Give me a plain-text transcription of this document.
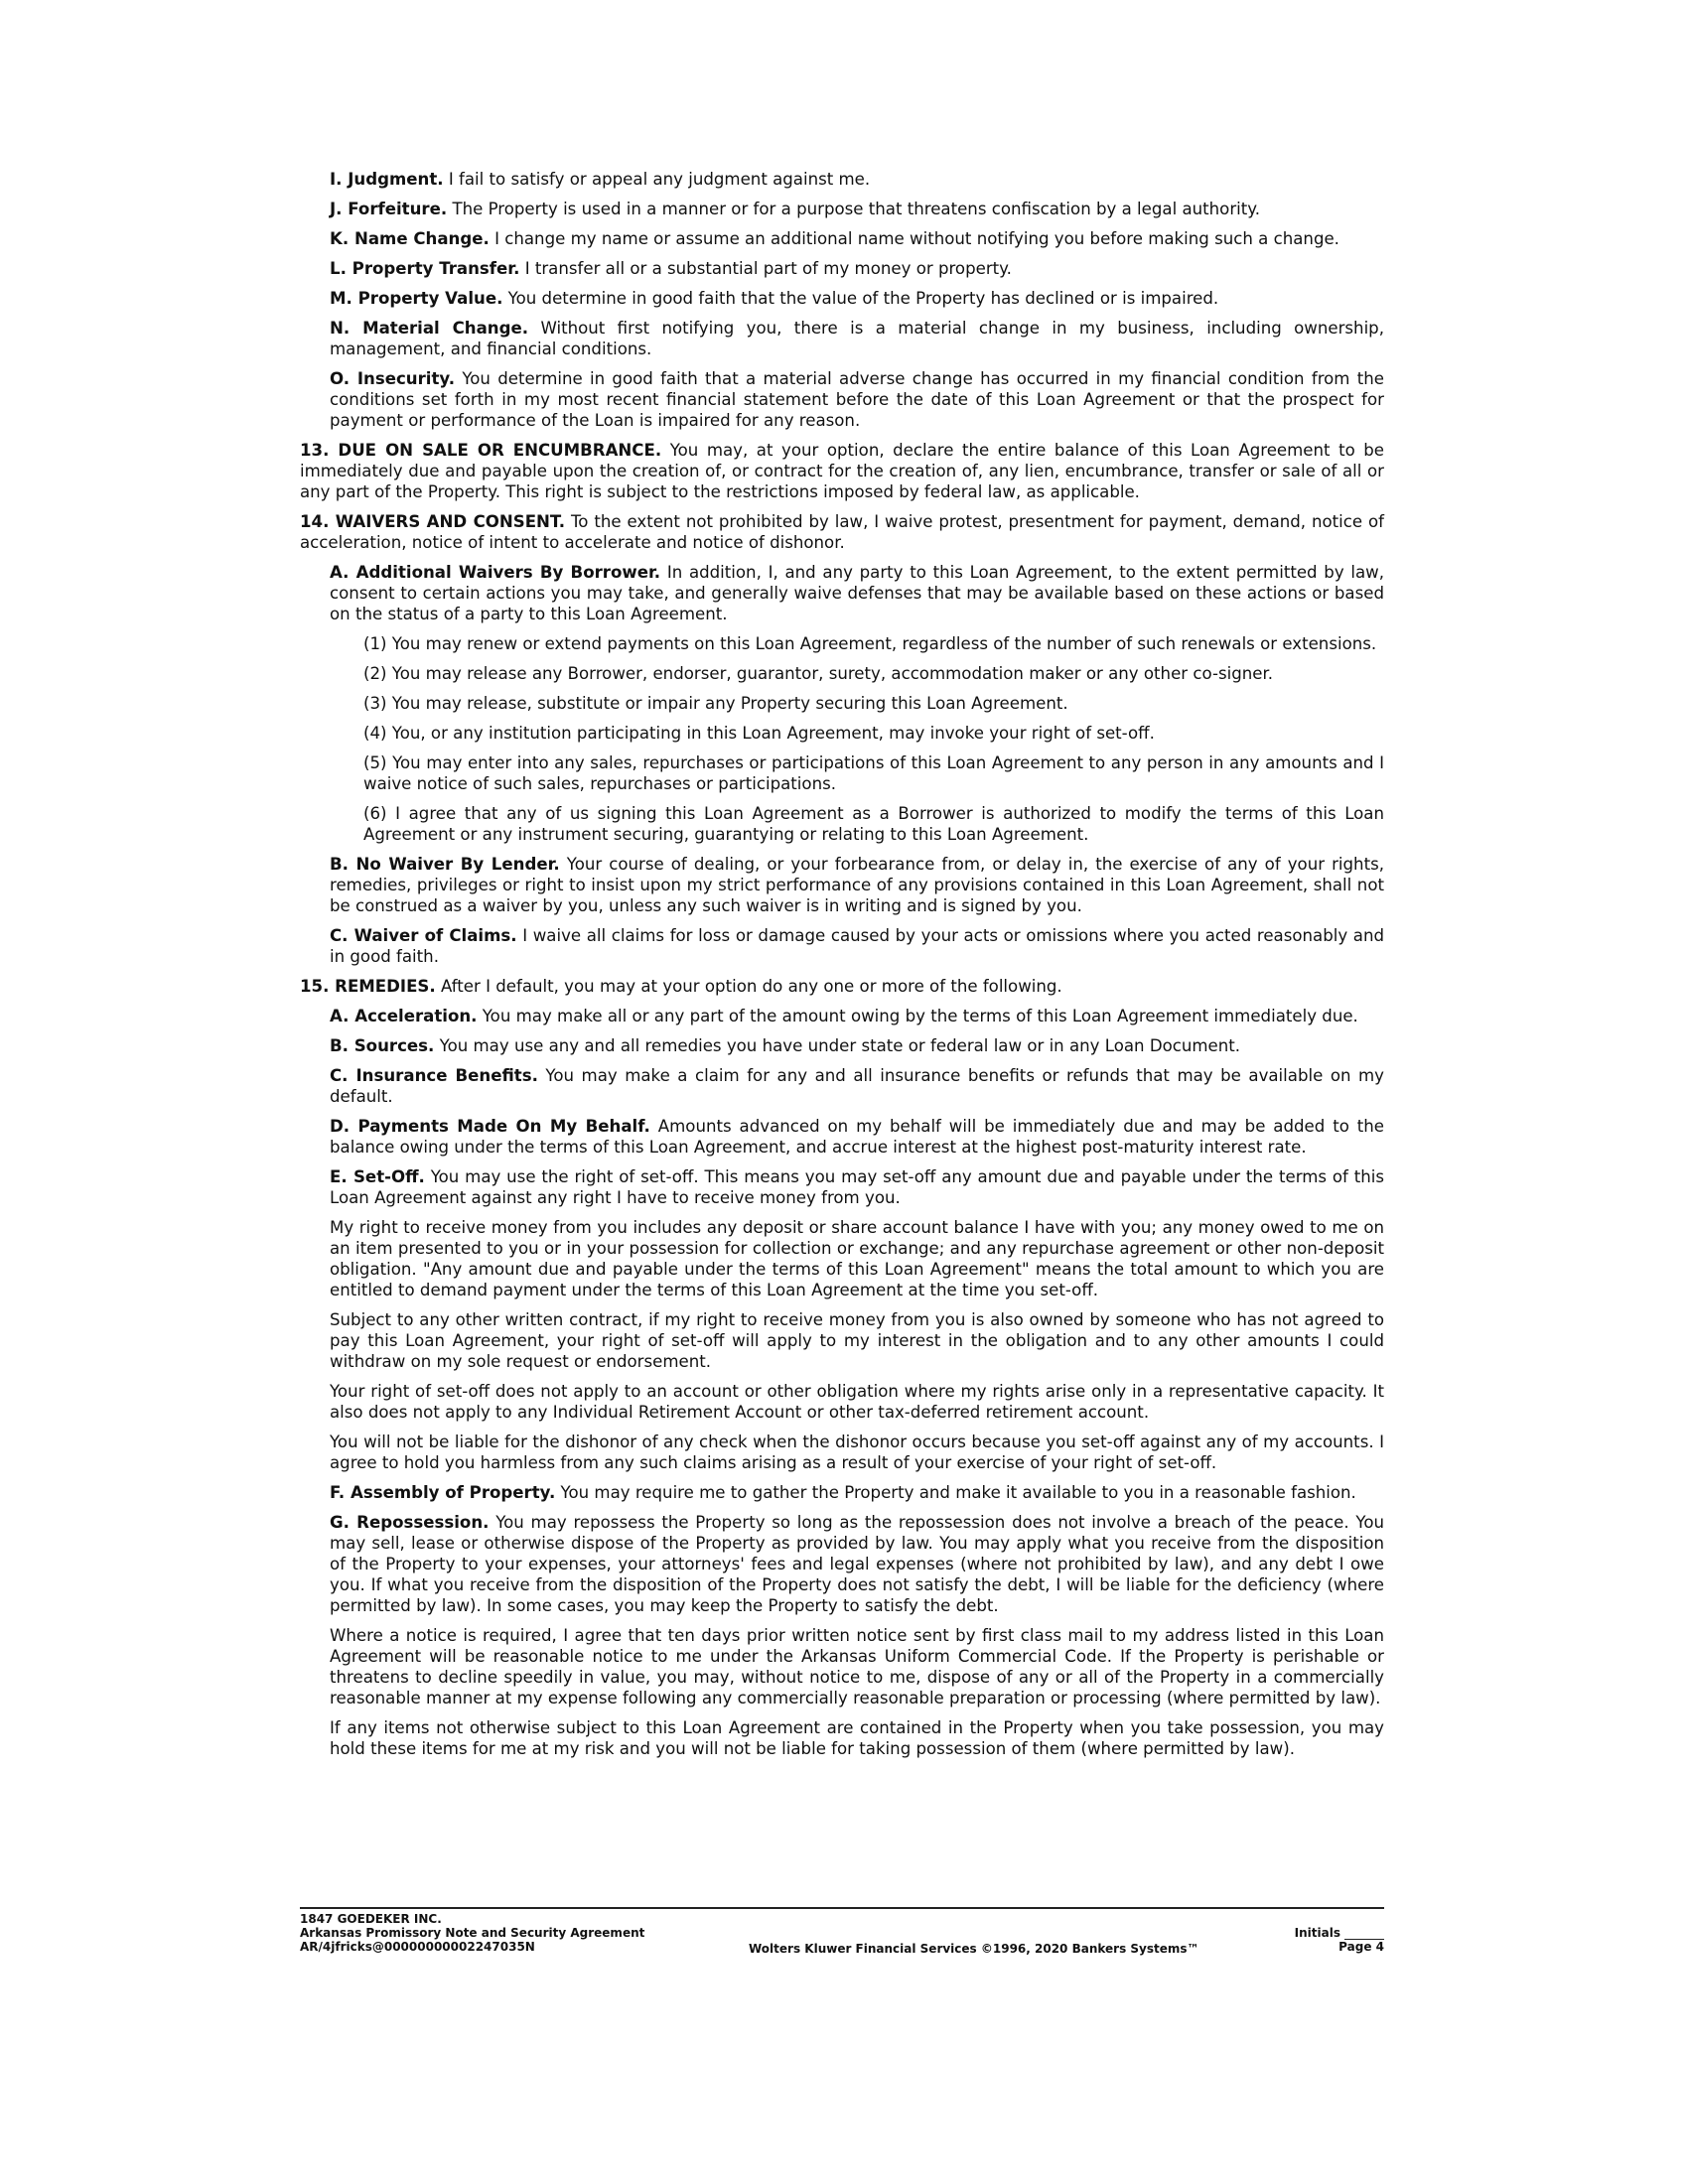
I. Judgment. I fail to satisfy or appeal any judgment against me.

J. Forfeiture. The Property is used in a manner or for a purpose that threatens confiscation by a legal authority.

K. Name Change. I change my name or assume an additional name without notifying you before making such a change.

L. Property Transfer. I transfer all or a substantial part of my money or property.

M. Property Value. You determine in good faith that the value of the Property has declined or is impaired.

N. Material Change. Without first notifying you, there is a material change in my business, including ownership, management, and financial conditions.

O. Insecurity. You determine in good faith that a material adverse change has occurred in my financial condition from the conditions set forth in my most recent financial statement before the date of this Loan Agreement or that the prospect for payment or performance of the Loan is impaired for any reason.

13. DUE ON SALE OR ENCUMBRANCE. You may, at your option, declare the entire balance of this Loan Agreement to be immediately due and payable upon the creation of, or contract for the creation of, any lien, encumbrance, transfer or sale of all or any part of the Property. This right is subject to the restrictions imposed by federal law, as applicable.

14. WAIVERS AND CONSENT. To the extent not prohibited by law, I waive protest, presentment for payment, demand, notice of acceleration, notice of intent to accelerate and notice of dishonor.

A. Additional Waivers By Borrower. In addition, I, and any party to this Loan Agreement, to the extent permitted by law, consent to certain actions you may take, and generally waive defenses that may be available based on these actions or based on the status of a party to this Loan Agreement.

(1) You may renew or extend payments on this Loan Agreement, regardless of the number of such renewals or extensions.

(2) You may release any Borrower, endorser, guarantor, surety, accommodation maker or any other co-signer.

(3) You may release, substitute or impair any Property securing this Loan Agreement.

(4) You, or any institution participating in this Loan Agreement, may invoke your right of set-off.

(5) You may enter into any sales, repurchases or participations of this Loan Agreement to any person in any amounts and I waive notice of such sales, repurchases or participations.

(6) I agree that any of us signing this Loan Agreement as a Borrower is authorized to modify the terms of this Loan Agreement or any instrument securing, guarantying or relating to this Loan Agreement.

B. No Waiver By Lender. Your course of dealing, or your forbearance from, or delay in, the exercise of any of your rights, remedies, privileges or right to insist upon my strict performance of any provisions contained in this Loan Agreement, shall not be construed as a waiver by you, unless any such waiver is in writing and is signed by you.

C. Waiver of Claims. I waive all claims for loss or damage caused by your acts or omissions where you acted reasonably and in good faith.

15. REMEDIES. After I default, you may at your option do any one or more of the following.

A. Acceleration. You may make all or any part of the amount owing by the terms of this Loan Agreement immediately due.

B. Sources. You may use any and all remedies you have under state or federal law or in any Loan Document.

C. Insurance Benefits. You may make a claim for any and all insurance benefits or refunds that may be available on my default.

D. Payments Made On My Behalf. Amounts advanced on my behalf will be immediately due and may be added to the balance owing under the terms of this Loan Agreement, and accrue interest at the highest post-maturity interest rate.

E. Set-Off. You may use the right of set-off. This means you may set-off any amount due and payable under the terms of this Loan Agreement against any right I have to receive money from you.

My right to receive money from you includes any deposit or share account balance I have with you; any money owed to me on an item presented to you or in your possession for collection or exchange; and any repurchase agreement or other non-deposit obligation. "Any amount due and payable under the terms of this Loan Agreement" means the total amount to which you are entitled to demand payment under the terms of this Loan Agreement at the time you set-off.

Subject to any other written contract, if my right to receive money from you is also owned by someone who has not agreed to pay this Loan Agreement, your right of set-off will apply to my interest in the obligation and to any other amounts I could withdraw on my sole request or endorsement.

Your right of set-off does not apply to an account or other obligation where my rights arise only in a representative capacity. It also does not apply to any Individual Retirement Account or other tax-deferred retirement account.

You will not be liable for the dishonor of any check when the dishonor occurs because you set-off against any of my accounts. I agree to hold you harmless from any such claims arising as a result of your exercise of your right of set-off.

F. Assembly of Property. You may require me to gather the Property and make it available to you in a reasonable fashion.

G. Repossession. You may repossess the Property so long as the repossession does not involve a breach of the peace. You may sell, lease or otherwise dispose of the Property as provided by law. You may apply what you receive from the disposition of the Property to your expenses, your attorneys' fees and legal expenses (where not prohibited by law), and any debt I owe you. If what you receive from the disposition of the Property does not satisfy the debt, I will be liable for the deficiency (where permitted by law). In some cases, you may keep the Property to satisfy the debt.

Where a notice is required, I agree that ten days prior written notice sent by first class mail to my address listed in this Loan Agreement will be reasonable notice to me under the Arkansas Uniform Commercial Code. If the Property is perishable or threatens to decline speedily in value, you may, without notice to me, dispose of any or all of the Property in a commercially reasonable manner at my expense following any commercially reasonable preparation or processing (where permitted by law).

If any items not otherwise subject to this Loan Agreement are contained in the Property when you take possession, you may hold these items for me at my risk and you will not be liable for taking possession of them (where permitted by law).

1847 GOEDEKER INC.
Arkansas Promissory Note and Security Agreement
AR/4jfricks@00000000002247035N	Wolters Kluwer Financial Services ©1996, 2020 Bankers Systems™
Initials
Page 4
